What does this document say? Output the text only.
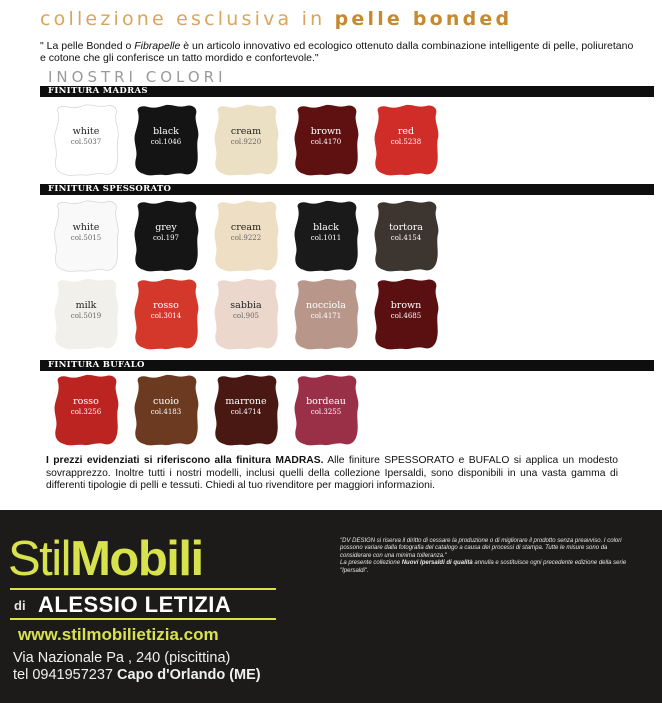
collezione esclusiva in pelle bonded
" La pelle Bonded o Fibrapelle è un articolo innovativo ed ecologico ottenuto dalla combinazione intelligente di pelle, poliuretano e cotone che gli conferisce un tatto mordido e confortevole."
INOSTRI COLORI
FINITURA MADRAS
white
col.5037
black
col.1046
cream
col.9220
brown
col.4170
red
col.5238
FINITURA SPESSORATO
white
col.5015
grey
col.197
cream
col.9222
black
col.1011
tortora
col.4154
milk
col.5019
rosso
col.3014
sabbia
col.905
nocciola
col.4171
brown
col.4685
FINITURA BUFALO
rosso
col.3256
cuoio
col.4183
marrone
col.4714
bordeau
col.3255
I prezzi evidenziati si riferiscono alla finitura MADRAS. Alle finiture SPESSORATO e BUFALO si applica un modesto sovrapprezzo. Inoltre tutti i nostri modelli, inclusi quelli della collezione Ipersaldi, sono disponibili in una vasta gamma di differenti tipologie di pelli e tessuti. Chiedi al tuo rivenditore per maggiori informazioni.
StilMobili
di ALESSIO LETIZIA
www.stilmobilietizia.com
Via Nazionale Pa , 240 (piscittina)
tel 0941957237 Capo d'Orlando (ME)
"DV DESIGN si riserva il diritto di cessare la produzione o di migliorare il prodotto senza preavviso. I colori possono variare dalla fotografia del catalogo a causa dei processi di stampa. Tutte le misure sono da considerare con una minima tolleranza."
La presente collezione Nuovi Ipersaldi di qualità annulla e sostituisce ogni precedente edizione della serie "Ipersaldi".
